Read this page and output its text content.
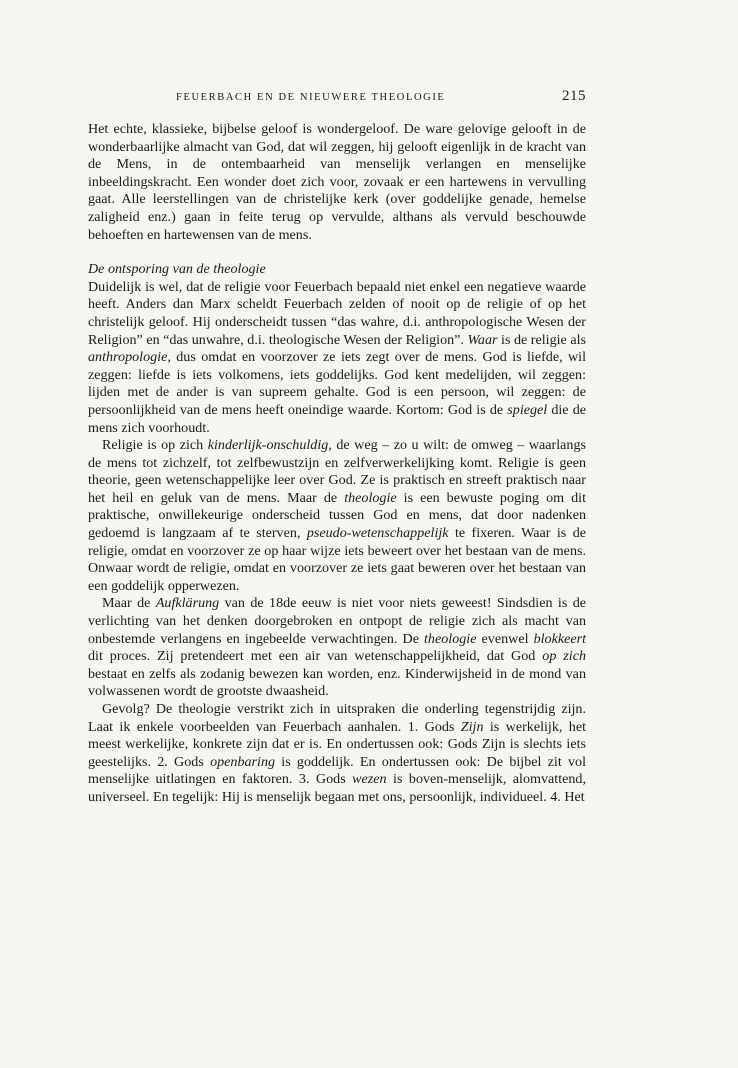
FEUERBACH EN DE NIEUWERE THEOLOGIE	215

Het echte, klassieke, bijbelse geloof is wondergeloof. De ware gelovige gelooft in de wonderbaarlijke almacht van God, dat wil zeggen, hij gelooft eigenlijk in de kracht van de Mens, in de ontembaarheid van menselijk verlangen en menselijke inbeeldingskracht. Een wonder doet zich voor, zovaak er een hartewens in vervulling gaat. Alle leerstellingen van de christelijke kerk (over goddelijke genade, hemelse zaligheid enz.) gaan in feite terug op vervulde, althans als vervuld beschouwde behoeften en hartewensen van de mens.

De ontsporing van de theologie

Duidelijk is wel, dat de religie voor Feuerbach bepaald niet enkel een negatieve waarde heeft. Anders dan Marx scheldt Feuerbach zelden of nooit op de religie of op het christelijk geloof. Hij onderscheidt tussen “das wahre, d.i. anthropologische Wesen der Religion” en “das unwahre, d.i. theologische Wesen der Religion”. Waar is de religie als anthropologie, dus omdat en voorzover ze iets zegt over de mens. God is liefde, wil zeggen: liefde is iets volkomens, iets goddelijks. God kent medelijden, wil zeggen: lijden met de ander is van supreem gehalte. God is een persoon, wil zeggen: de persoonlijkheid van de mens heeft oneindige waarde. Kortom: God is de spiegel die de mens zich voorhoudt.

Religie is op zich kinderlijk-onschuldig, de weg – zo u wilt: de omweg – waarlangs de mens tot zichzelf, tot zelfbewustzijn en zelfverwerkelijking komt. Religie is geen theorie, geen wetenschappelijke leer over God. Ze is praktisch en streeft praktisch naar het heil en geluk van de mens. Maar de theologie is een bewuste poging om dit praktische, onwillekeurige onderscheid tussen God en mens, dat door nadenken gedoemd is langzaam af te sterven, pseudo-wetenschappelijk te fixeren. Waar is de religie, omdat en voorzover ze op haar wijze iets beweert over het bestaan van de mens. Onwaar wordt de religie, omdat en voorzover ze iets gaat beweren over het bestaan van een goddelijk opperwezen.

Maar de Aufklärung van de 18de eeuw is niet voor niets geweest! Sindsdien is de verlichting van het denken doorgebroken en ontpopt de religie zich als macht van onbestemde verlangens en ingebeelde verwachtingen. De theologie evenwel blokkeert dit proces. Zij pretendeert met een air van wetenschappelijkheid, dat God op zich bestaat en zelfs als zodanig bewezen kan worden, enz. Kinderwijsheid in de mond van volwassenen wordt de grootste dwaasheid.

Gevolg? De theologie verstrikt zich in uitspraken die onderling tegenstrijdig zijn. Laat ik enkele voorbeelden van Feuerbach aanhalen. 1. Gods Zijn is werkelijk, het meest werkelijke, konkrete zijn dat er is. En ondertussen ook: Gods Zijn is slechts iets geestelijks. 2. Gods openbaring is goddelijk. En ondertussen ook: De bijbel zit vol menselijke uitlatingen en faktoren. 3. Gods wezen is boven-menselijk, alomvattend, universeel. En tegelijk: Hij is menselijk begaan met ons, persoonlijk, individueel. 4. Het
